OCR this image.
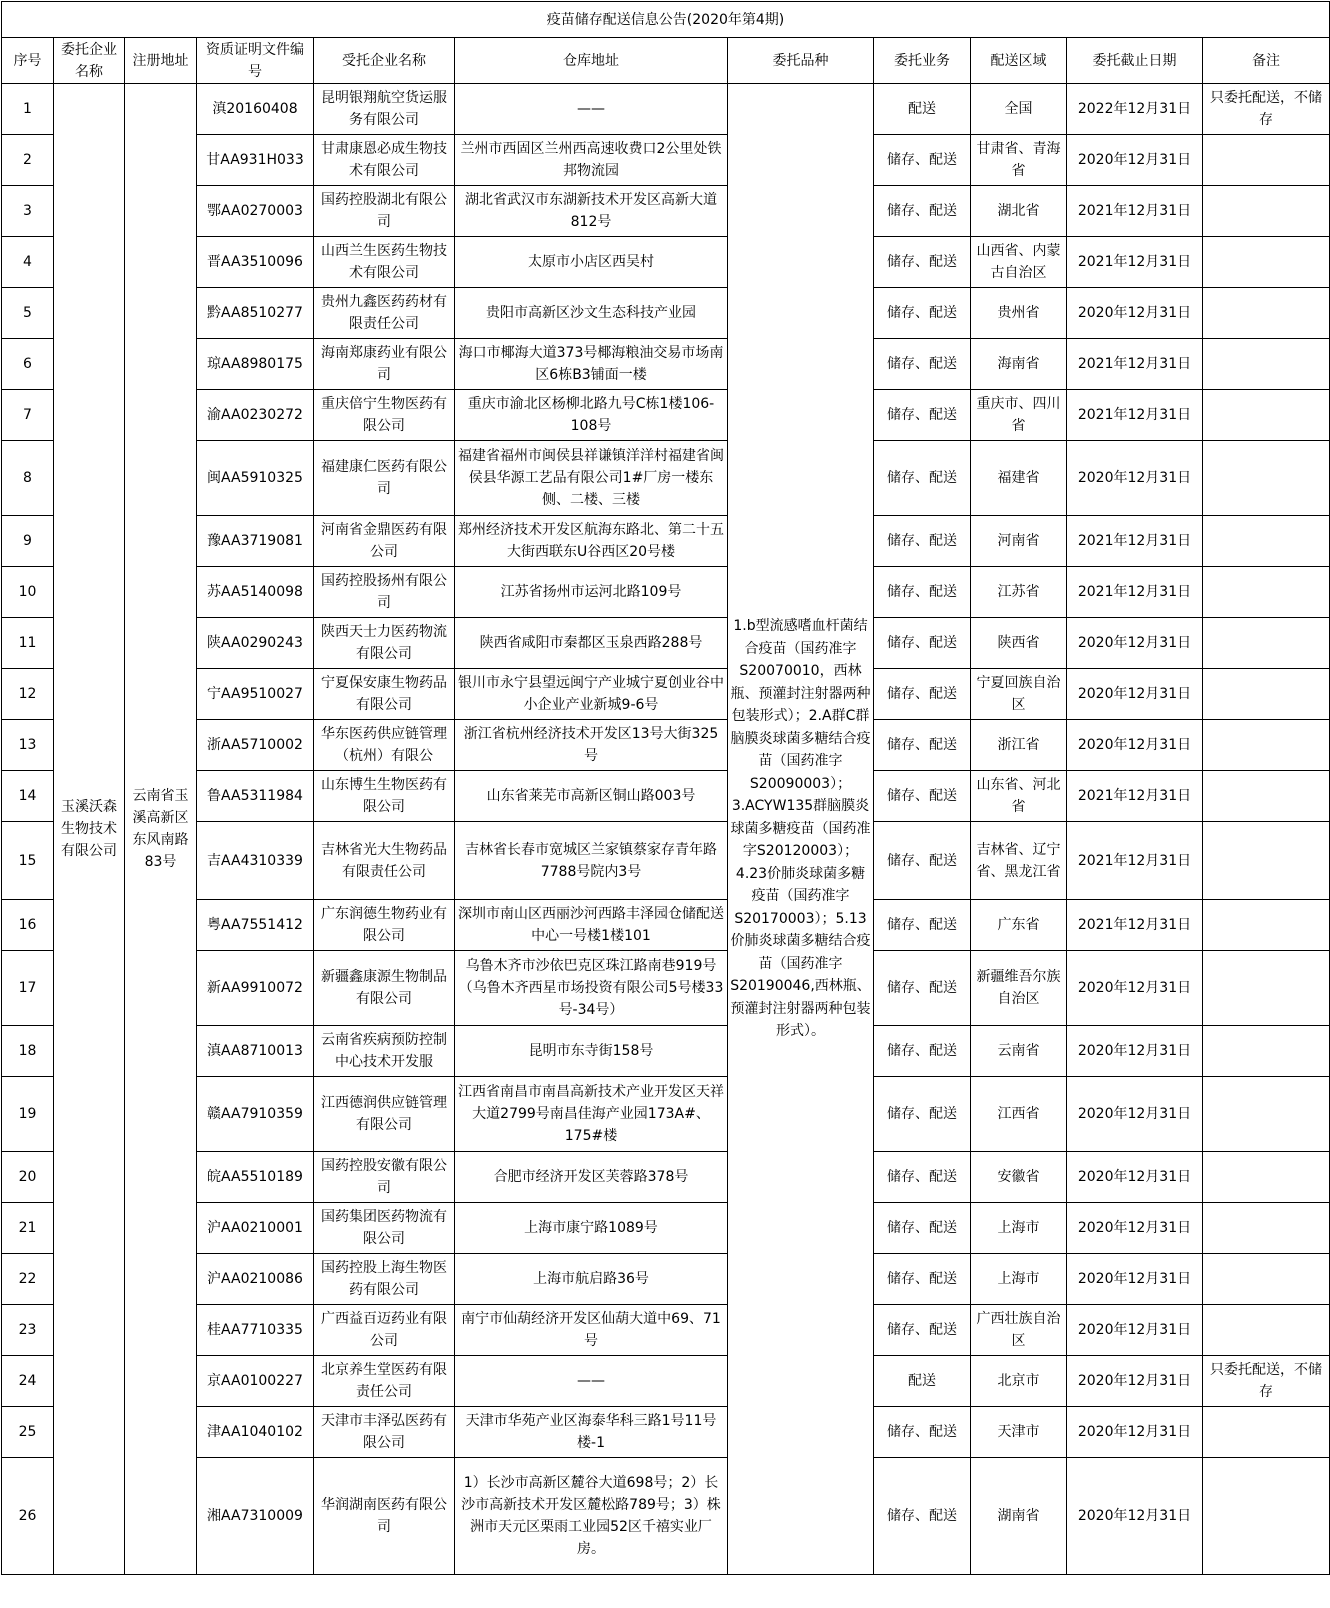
疫苗储存配送信息公告(2020年第4期)										
序号	委托企业名称	注册地址	资质证明文件编号	受托企业名称	仓库地址	委托品种	委托业务	配送区域	委托截止日期	备注
1	玉溪沃森生物技术有限公司	云南省玉溪高新区东风南路83号	滇20160408	昆明银翔航空货运服务有限公司	——	1.b型流感嗜血杆菌结合疫苗（国药准字S20070010，西林瓶、预灌封注射器两种包装形式）；2.A群C群脑膜炎球菌多糖结合疫苗（国药准字S20090003）；3.ACYW135群脑膜炎球菌多糖疫苗（国药准字S20120003）；4.23价肺炎球菌多糖疫苗（国药准字S20170003）；5.13价肺炎球菌多糖结合疫苗（国药准字S20190046,西林瓶、预灌封注射器两种包装形式）。	配送	全国	2022年12月31日	只委托配送，不储存
2			甘AA931H033	甘肃康恩必成生物技术有限公司	兰州市西固区兰州西高速收费口2公里处铁邦物流园		储存、配送	甘肃省、青海省	2020年12月31日	
3			鄂AA0270003	国药控股湖北有限公司	湖北省武汉市东湖新技术开发区高新大道812号		储存、配送	湖北省	2021年12月31日	
4			晋AA3510096	山西兰生医药生物技术有限公司	太原市小店区西吴村		储存、配送	山西省、内蒙古自治区	2021年12月31日	
5			黔AA8510277	贵州九鑫医药药材有限责任公司	贵阳市高新区沙文生态科技产业园		储存、配送	贵州省	2020年12月31日	
6			琼AA8980175	海南郑康药业有限公司	海口市椰海大道373号椰海粮油交易市场南区6栋B3铺面一楼		储存、配送	海南省	2021年12月31日	
7			渝AA0230272	重庆倍宁生物医药有限公司	重庆市渝北区杨柳北路九号C栋1楼106-108号		储存、配送	重庆市、四川省	2021年12月31日	
8			闽AA5910325	福建康仁医药有限公司	福建省福州市闽侯县祥谦镇洋洋村福建省闽侯县华源工艺品有限公司1#厂房一楼东侧、二楼、三楼		储存、配送	福建省	2020年12月31日	
9			豫AA3719081	河南省金鼎医药有限公司	郑州经济技术开发区航海东路北、第二十五大街西联东U谷西区20号楼		储存、配送	河南省	2021年12月31日	
10			苏AA5140098	国药控股扬州有限公司	江苏省扬州市运河北路109号		储存、配送	江苏省	2021年12月31日	
11			陕AA0290243	陕西天士力医药物流有限公司	陕西省咸阳市秦都区玉泉西路288号		储存、配送	陕西省	2020年12月31日	
12			宁AA9510027	宁夏保安康生物药品有限公司	银川市永宁县望远闽宁产业城宁夏创业谷中小企业产业新城9-6号		储存、配送	宁夏回族自治区	2020年12月31日	
13			浙AA5710002	华东医药供应链管理（杭州）有限公	浙江省杭州经济技术开发区13号大街325号		储存、配送	浙江省	2020年12月31日	
14			鲁AA5311984	山东博生生物医药有限公司	山东省莱芜市高新区铜山路003号		储存、配送	山东省、河北省	2021年12月31日	
15			吉AA4310339	吉林省光大生物药品有限责任公司	吉林省长春市宽城区兰家镇蔡家存青年路7788号院内3号		储存、配送	吉林省、辽宁省、黑龙江省	2021年12月31日	
16			粤AA7551412	广东润德生物药业有限公司	深圳市南山区西丽沙河西路丰泽园仓储配送中心一号楼1楼101		储存、配送	广东省	2021年12月31日	
17			新AA9910072	新疆鑫康源生物制品有限公司	乌鲁木齐市沙依巴克区珠江路南巷919号 （乌鲁木齐西星市场投资有限公司5号楼33号-34号）		储存、配送	新疆维吾尔族自治区	2020年12月31日	
18			滇AA8710013	云南省疾病预防控制中心技术开发服	昆明市东寺街158号		储存、配送	云南省	2020年12月31日	
19			赣AA7910359	江西德润供应链管理有限公司	江西省南昌市南昌高新技术产业开发区天祥大道2799号南昌佳海产业园173A#、175#楼		储存、配送	江西省	2020年12月31日	
20			皖AA5510189	国药控股安徽有限公司	合肥市经济开发区芙蓉路378号		储存、配送	安徽省	2020年12月31日	
21			沪AA0210001	国药集团医药物流有限公司	上海市康宁路1089号		储存、配送	上海市	2020年12月31日	
22			沪AA0210086	国药控股上海生物医药有限公司	上海市航启路36号		储存、配送	上海市	2020年12月31日	
23			桂AA7710335	广西益百迈药业有限公司	南宁市仙葫经济开发区仙葫大道中69、71号		储存、配送	广西壮族自治区	2020年12月31日	
24			京AA0100227	北京养生堂医药有限责任公司	——		配送	北京市	2020年12月31日	只委托配送，不储存
25			津AA1040102	天津市丰泽弘医药有限公司	天津市华苑产业区海泰华科三路1号11号楼-1		储存、配送	天津市	2020年12月31日	
26			湘AA7310009	华润湖南医药有限公司	1）长沙市高新区麓谷大道698号；2）长沙市高新技术开发区麓松路789号；3）株洲市天元区栗雨工业园52区千禧实业厂房。		储存、配送	湖南省	2020年12月31日	
